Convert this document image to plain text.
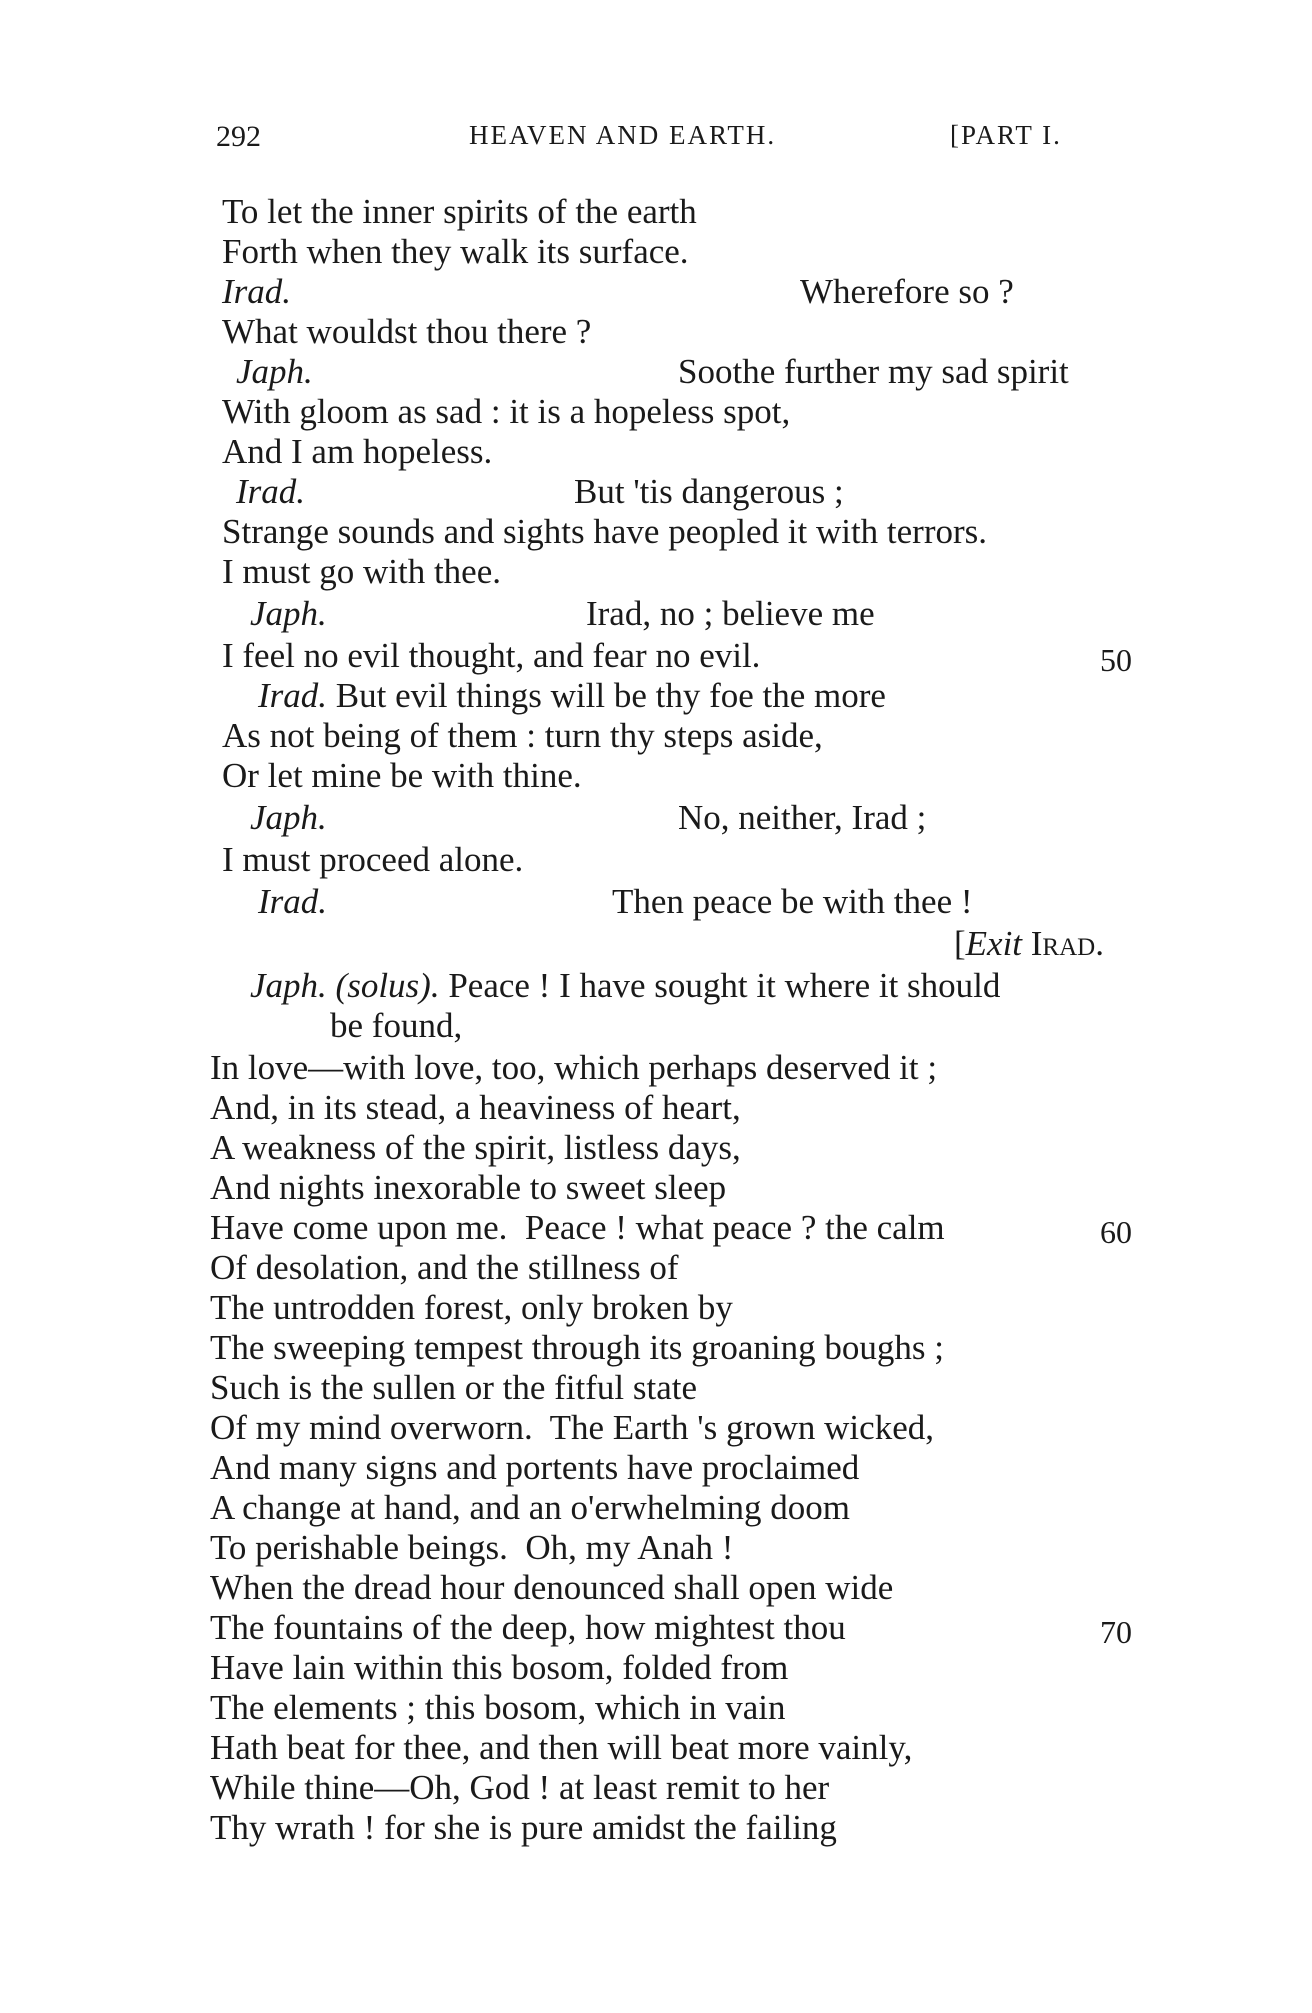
292	HEAVEN AND EARTH.	[PART I.
To let the inner spirits of the earth
Forth when they walk its surface.
Irad.	Wherefore so ?
What wouldst thou there ?
Japh.	Soothe further my sad spirit
With gloom as sad : it is a hopeless spot,
And I am hopeless.
Irad.	But 'tis dangerous ;
Strange sounds and sights have peopled it with terrors.
I must go with thee.
Japh.	Irad, no ; believe me
I feel no evil thought, and fear no evil.	50
Irad. But evil things will be thy foe the more
As not being of them : turn thy steps aside,
Or let mine be with thine.
Japh.	No, neither, Irad ;
I must proceed alone.
Irad.	Then peace be with thee !
[Exit Irad.
Japh. (solus). Peace ! I have sought it where it should
be found,
In love—with love, too, which perhaps deserved it ;
And, in its stead, a heaviness of heart,
A weakness of the spirit, listless days,
And nights inexorable to sweet sleep
Have come upon me.  Peace ! what peace ? the calm	60
Of desolation, and the stillness of
The untrodden forest, only broken by
The sweeping tempest through its groaning boughs ;
Such is the sullen or the fitful state
Of my mind overworn.  The Earth 's grown wicked,
And many signs and portents have proclaimed
A change at hand, and an o'erwhelming doom
To perishable beings.  Oh, my Anah !
When the dread hour denounced shall open wide
The fountains of the deep, how mightest thou	70
Have lain within this bosom, folded from
The elements ; this bosom, which in vain
Hath beat for thee, and then will beat more vainly,
While thine—Oh, God ! at least remit to her
Thy wrath ! for she is pure amidst the failing
